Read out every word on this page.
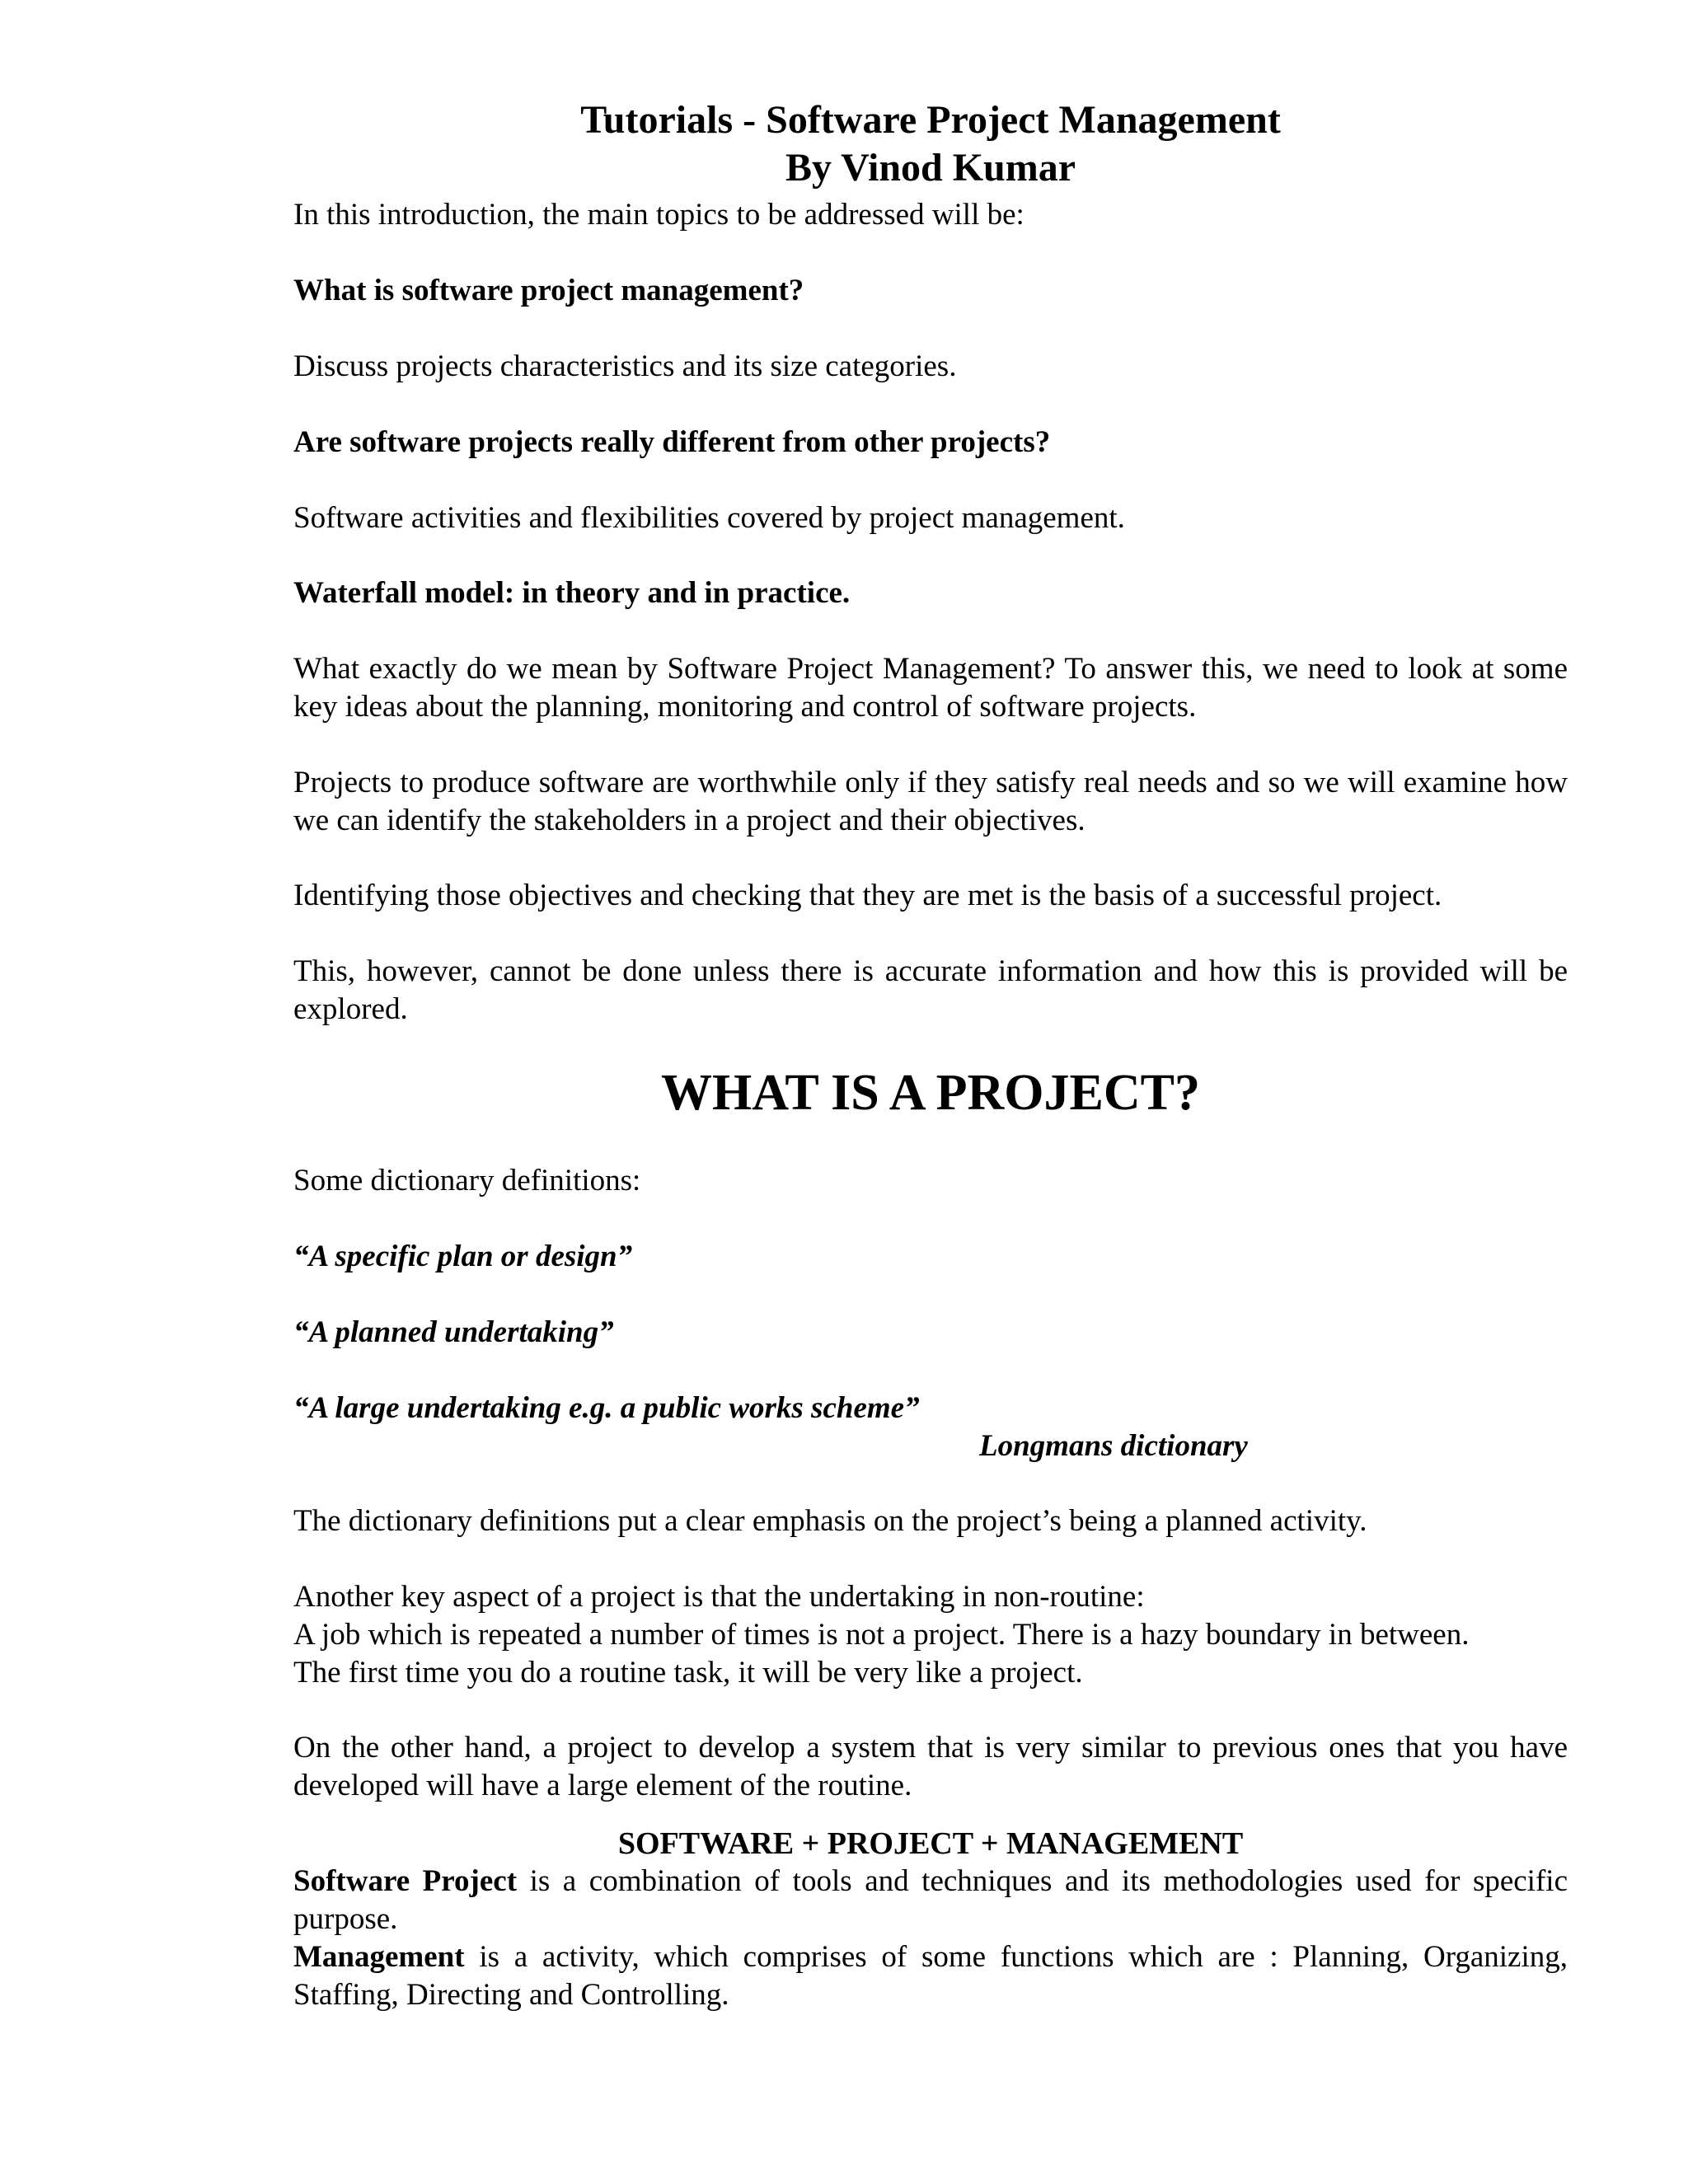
Tutorials - Software Project Management

By Vinod Kumar

In this introduction, the main topics to be addressed will be:

What is software project management?

Discuss projects characteristics and its size categories.

Are software projects really different from other projects?

Software activities and flexibilities covered by project management.

Waterfall model: in theory and in practice.

What exactly do we mean by Software Project Management? To answer this, we need to look at some key ideas about the planning, monitoring and control of software projects.

Projects to produce software are worthwhile only if they satisfy real needs and so we will examine how we can identify the stakeholders in a project and their objectives.

Identifying those objectives and checking that they are met is the basis of a successful project.

This, however, cannot be done unless there is accurate information and how this is provided will be explored.

WHAT IS A PROJECT?

Some dictionary definitions:

“A specific plan or design”

“A planned undertaking”

“A large undertaking e.g. a public works scheme”

Longmans dictionary

The dictionary definitions put a clear emphasis on the project’s being a planned activity.

Another key aspect of a project is that the undertaking in non-routine:

A job which is repeated a number of times is not a project. There is a hazy boundary in between.

The first time you do a routine task, it will be very like a project.

On the other hand, a project to develop a system that is very similar to previous ones that you have developed will have a large element of the routine.

SOFTWARE + PROJECT + MANAGEMENT

Software Project is a combination of tools and techniques and its methodologies used for specific purpose.

Management is a activity, which comprises of some functions which are : Planning, Organizing, Staffing, Directing and Controlling.
